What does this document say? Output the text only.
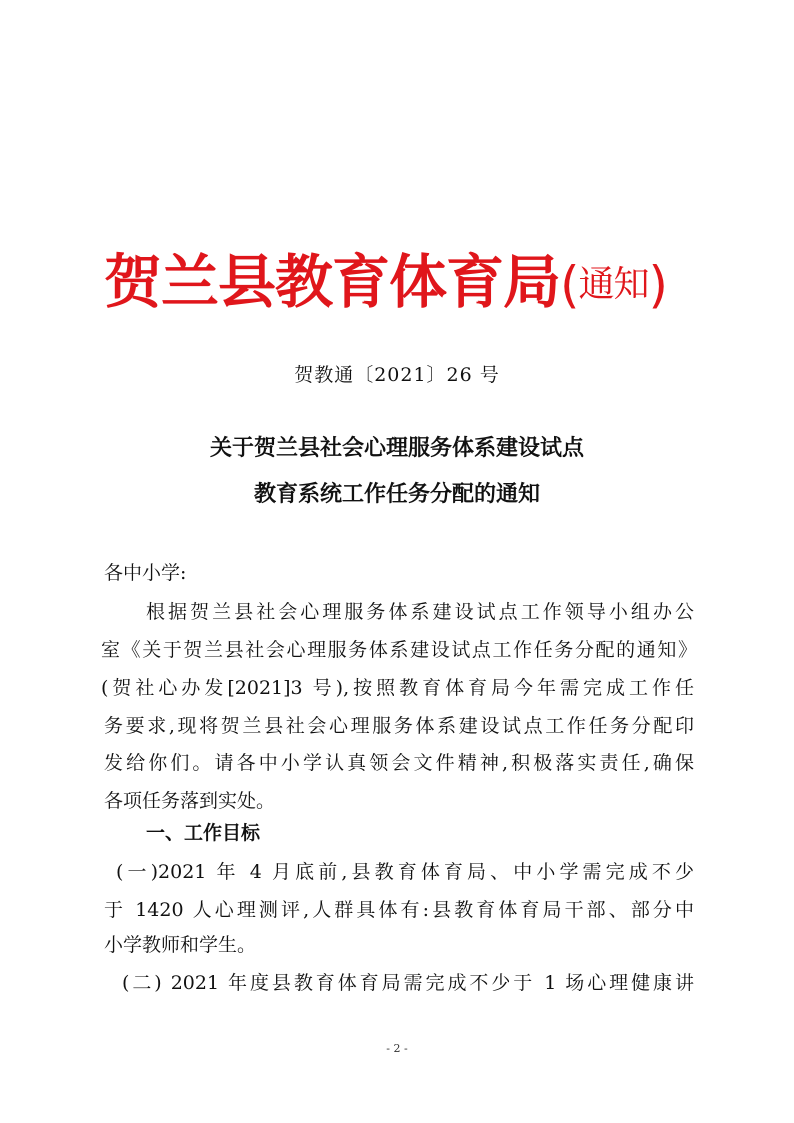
贺兰县教育体育局(通知)
贺教通〔2021〕26 号
关于贺兰县社会心理服务体系建设试点
教育系统工作任务分配的通知
各中小学:
根据贺兰县社会心理服务体系建设试点工作领导小组办公
室《关于贺兰县社会心理服务体系建设试点工作任务分配的通知》
(贺社心办发[2021]3 号),按照教育体育局今年需完成工作任
务要求,现将贺兰县社会心理服务体系建设试点工作任务分配印
发给你们。请各中小学认真领会文件精神,积极落实责任,确保
各项任务落到实处。
一、工作目标
(一)2021 年 4 月底前,县教育体育局、中小学需完成不少
于 1420 人心理测评,人群具体有:县教育体育局干部、部分中
小学教师和学生。
(二) 2021 年度县教育体育局需完成不少于 1 场心理健康讲
- 2 -
